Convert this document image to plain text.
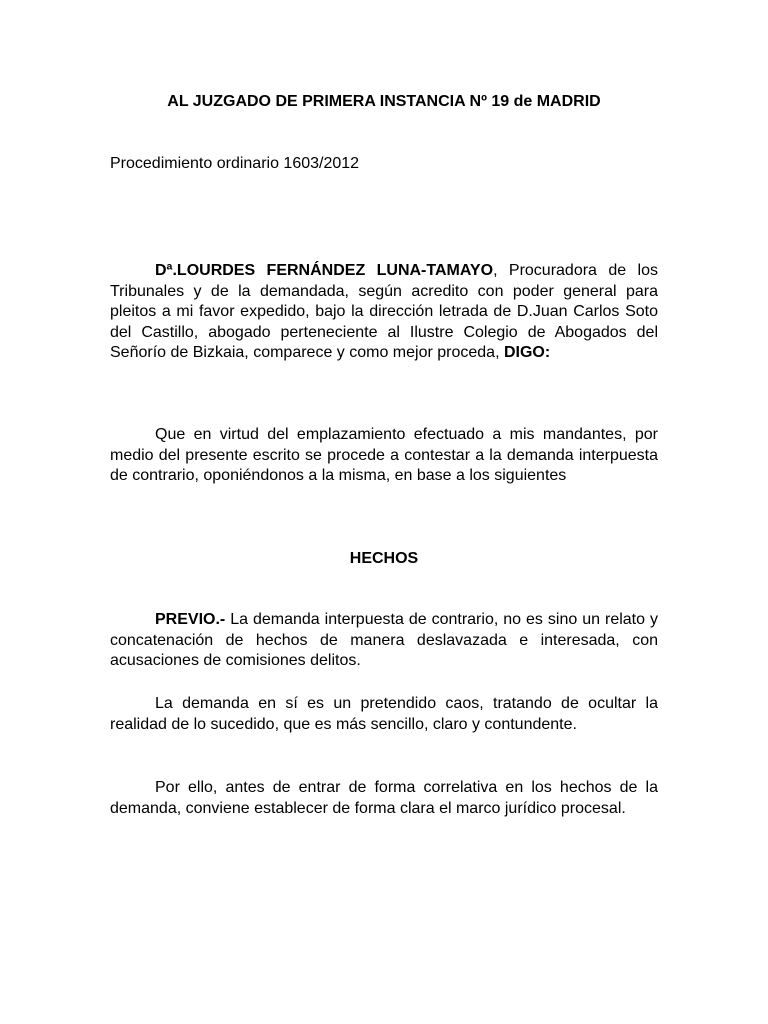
AL JUZGADO DE PRIMERA INSTANCIA Nº 19 de MADRID
Procedimiento ordinario 1603/2012

Dª.LOURDES FERNÁNDEZ LUNA-TAMAYO, Procuradora de los Tribunales y de la demandada, según acredito con poder general para pleitos a mi favor expedido, bajo la dirección letrada de D.Juan Carlos Soto del Castillo, abogado perteneciente al Ilustre Colegio de Abogados del Señorío de Bizkaia, comparece y como mejor proceda, DIGO:

Que en virtud del emplazamiento efectuado a mis mandantes, por medio del presente escrito se procede a contestar a la demanda interpuesta de contrario, oponiéndonos a la misma, en base a los siguientes

HECHOS

PREVIO.- La demanda interpuesta de contrario, no es sino un relato y concatenación de hechos de manera deslavazada e interesada, con acusaciones de comisiones delitos.

La demanda en sí es un pretendido caos, tratando de ocultar la realidad de lo sucedido, que es más sencillo, claro y contundente.

Por ello, antes de entrar de forma correlativa en los hechos de la demanda, conviene establecer de forma clara el marco jurídico procesal.
